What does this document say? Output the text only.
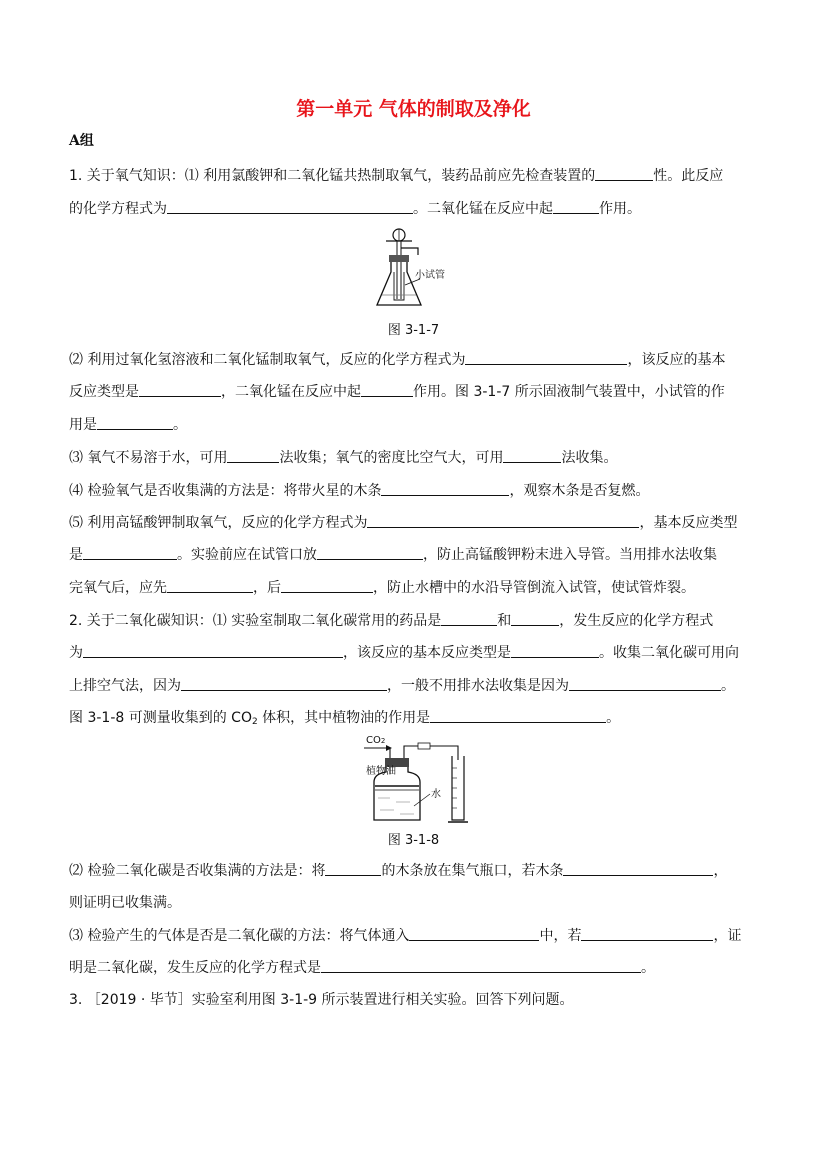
第一单元 气体的制取及净化
A组
1. 关于氧气知识：⑴ 利用氯酸钾和二氧化锰共热制取氧气，装药品前应先检查装置的	性。此反应
的化学方程式为	。二氧化锰在反应中起	作用。
小试管
图 3-1-7
⑵ 利用过氧化氢溶液和二氧化锰制取氧气，反应的化学方程式为	，该反应的基本
反应类型是	，二氧化锰在反应中起	作用。图 3-1-7 所示固液制气装置中，小试管的作
用是	。
⑶ 氧气不易溶于水，可用	法收集；氧气的密度比空气大，可用	法收集。
⑷ 检验氧气是否收集满的方法是：将带火星的木条	，观察木条是否复燃。
⑸ 利用高锰酸钾制取氧气，反应的化学方程式为	，基本反应类型
是	。实验前应在试管口放	，防止高锰酸钾粉末进入导管。当用排水法收集
完氧气后，应先	，后	，防止水槽中的水沿导管倒流入试管，使试管炸裂。
2. 关于二氧化碳知识：⑴ 实验室制取二氧化碳常用的药品是	和	，发生反应的化学方程式
为	，该反应的基本反应类型是	。收集二氧化碳可用向
上排空气法，因为	，一般不用排水法收集是因为	。
图 3-1-8 可测量收集到的 $CO_2$ 体积，其中植物油的作用是	。
CO2
植物油
水
图 3-1-8
⑵ 检验二氧化碳是否收集满的方法是：将	的木条放在集气瓶口，若木条	，
则证明已收集满。
⑶ 检验产生的气体是否是二氧化碳的方法：将气体通入	中，若	，证
明是二氧化碳，发生反应的化学方程式是	。
3. ［2019 · 毕节］实验室利用图 3-1-9 所示装置进行相关实验。回答下列问题。
